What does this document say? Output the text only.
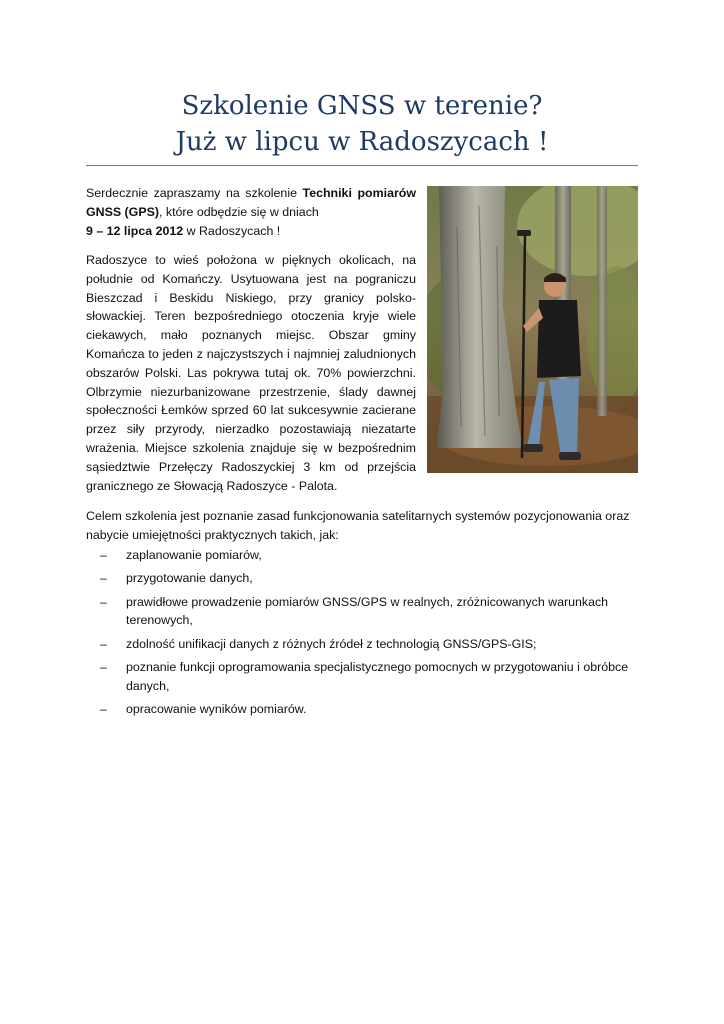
Szkolenie GNSS w terenie?
Już w lipcu w Radoszycach !

Serdecznie zapraszamy na szkolenie Techniki pomiarów GNSS (GPS), które odbędzie się w dniach
9 – 12 lipca 2012 w Radoszycach !

Radoszyce to wieś położona w pięknych okolicach, na południe od Komańczy. Usytuowana jest na pograniczu Bieszczad i Beskidu Niskiego, przy granicy polsko-słowackiej. Teren bezpośredniego otoczenia kryje wiele ciekawych, mało poznanych miejsc. Obszar gminy Komańcza to jeden z najczystszych i najmniej zaludnionych obszarów Polski. Las pokrywa tutaj ok. 70% powierzchni. Olbrzymie niezurbanizowane przestrzenie, ślady dawnej społeczności Łemków sprzed 60 lat sukcesywnie zacierane przez siły przyrody, nierzadko pozostawiają niezatarte wrażenia. Miejsce szkolenia znajduje się w bezpośrednim sąsiedztwie Przełęczy Radoszyckiej 3 km od przejścia granicznego ze Słowacją Radoszyce - Palota.

Celem szkolenia jest poznanie zasad funkcjonowania satelitarnych systemów pozycjonowania oraz nabycie umiejętności praktycznych takich, jak:

– zaplanowanie pomiarów,
– przygotowanie danych,
– prawidłowe prowadzenie pomiarów GNSS/GPS w realnych, zróżnicowanych warunkach terenowych,
– zdolność unifikacji danych z różnych źródeł z technologią GNSS/GPS-GIS;
– poznanie funkcji oprogramowania specjalistycznego pomocnych w przygotowaniu i obróbce danych,
– opracowanie wyników pomiarów.
